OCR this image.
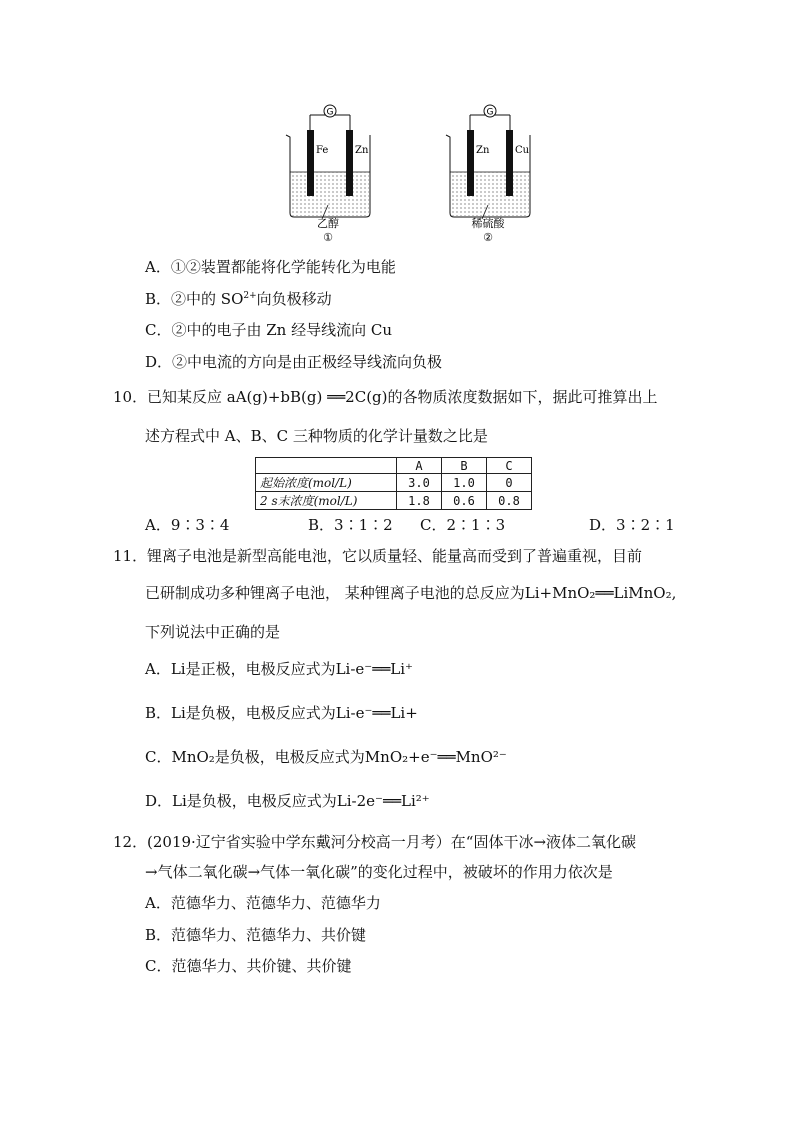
G
Fe	Zn
乙醇
①
G
Zn	Cu
稀硫酸
②
A．①②装置都能将化学能转化为电能
B．②中的 $SO^{2+}$向负极移动
C．②中的电子由 Zn 经导线流向 Cu
D．②中电流的方向是由正极经导线流向负极
10． 已知某反应 aA(g)+bB(g) ══2C(g)的各物质浓度数据如下，据此可推算出上
述方程式中 A、B、C 三种物质的化学计量数之比是
	A	B	C
起始浓度(mol/L)	3.0	1.0	0
2 s末浓度(mol/L)	1.8	0.6	0.8
A．9∶3∶4	B．3∶1∶2 C．2∶1∶3	D．3∶2∶1
11． 锂离子电池是新型高能电池，它以质量轻、能量高而受到了普遍重视，目前
已研制成功多种锂离子电池， 某种锂离子电池的总反应为Li+MnO₂══LiMnO₂,
下列说法中正确的是
A．Li是正极，电极反应式为Li-e⁻══Li⁺
B．Li是负极，电极反应式为Li-e⁻══Li+
C．MnO₂是负极，电极反应式为MnO₂+e⁻══MnO²⁻
D．Li是负极，电极反应式为Li-2e⁻══Li²⁺
12． (2019·辽宁省实验中学东戴河分校高一月考）在“固体干冰→液体二氧化碳
→气体二氧化碳→气体一氧化碳”的变化过程中，被破坏的作用力依次是
A．范德华力、范德华力、范德华力
B．范德华力、范德华力、共价键
C．范德华力、共价键、共价键
